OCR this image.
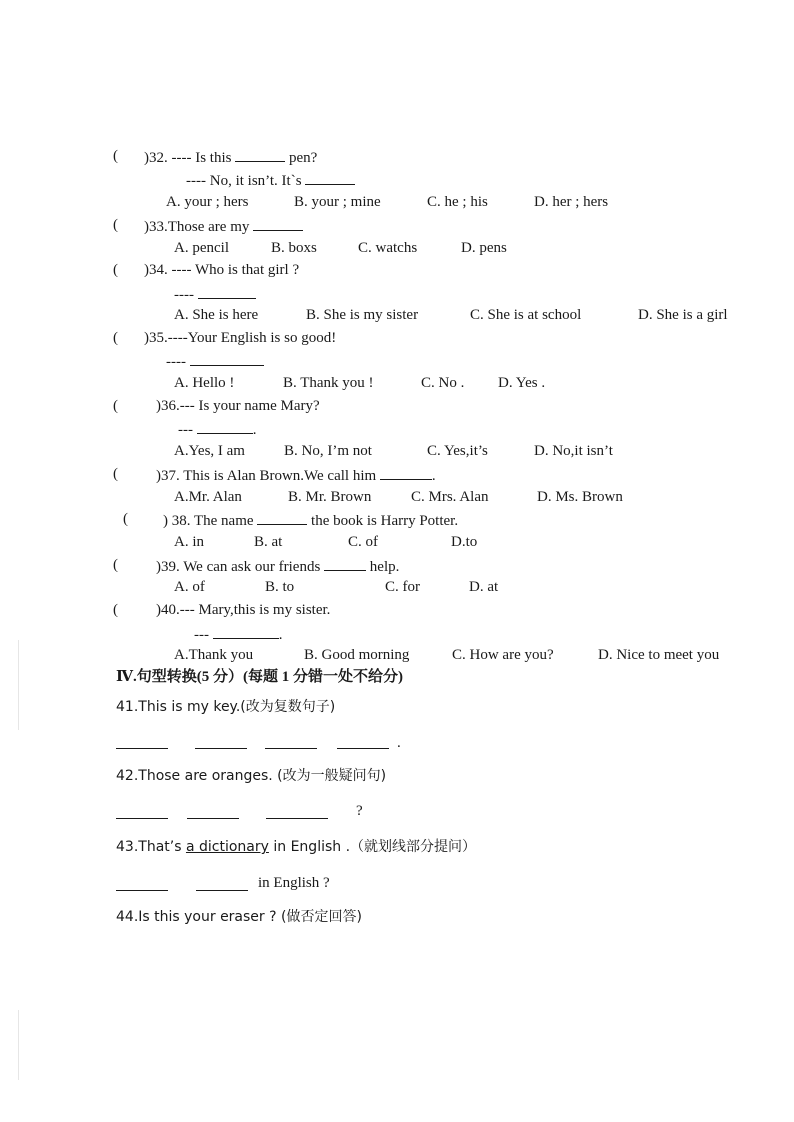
( )32. ---- Is this	pen?
---- No, it isn’t. It`s
A. your ; hers	B. your ; mine	C. he ; his	D. her ; hers
( )33.Those are my
A. pencil	B. boxs	C. watchs	D. pens
( )34. ---- Who is that girl ?
----
A. She is here	B. She is my sister	C. She is at school	D. She is a girl
( )35.----Your English is so good!
----
A. Hello !	B. Thank you !	C. No . D. Yes .
(	)36.--- Is your name Mary?
---	.
A.Yes, I am	B. No, I’m not	C. Yes,it’s	D. No,it isn’t
(	)37. This is Alan Brown.We call him	.
A.Mr. Alan	B. Mr. Brown	C. Mrs. Alan	D. Ms. Brown
( ) 38. The name	the book is Harry Potter.
A. in	B. at	C. of	D.to
(	)39. We can ask our friends	help.
A. of	B. to	C. for	D. at
(	)40.--- Mary,this is my sister.
---	.
A.Thank you	B. Good morning	C. How are you?	D. Nice to meet you
Ⅳ.句型转换(5 分）(每题 1 分错一处不给分)
41.This is my key.(改为复数句子)
.
42.Those are oranges. (改为一般疑问句)
?
43.That’s a dictionary in English .（就划线部分提问）
in English ?
44.Is this your eraser ? (做否定回答)
